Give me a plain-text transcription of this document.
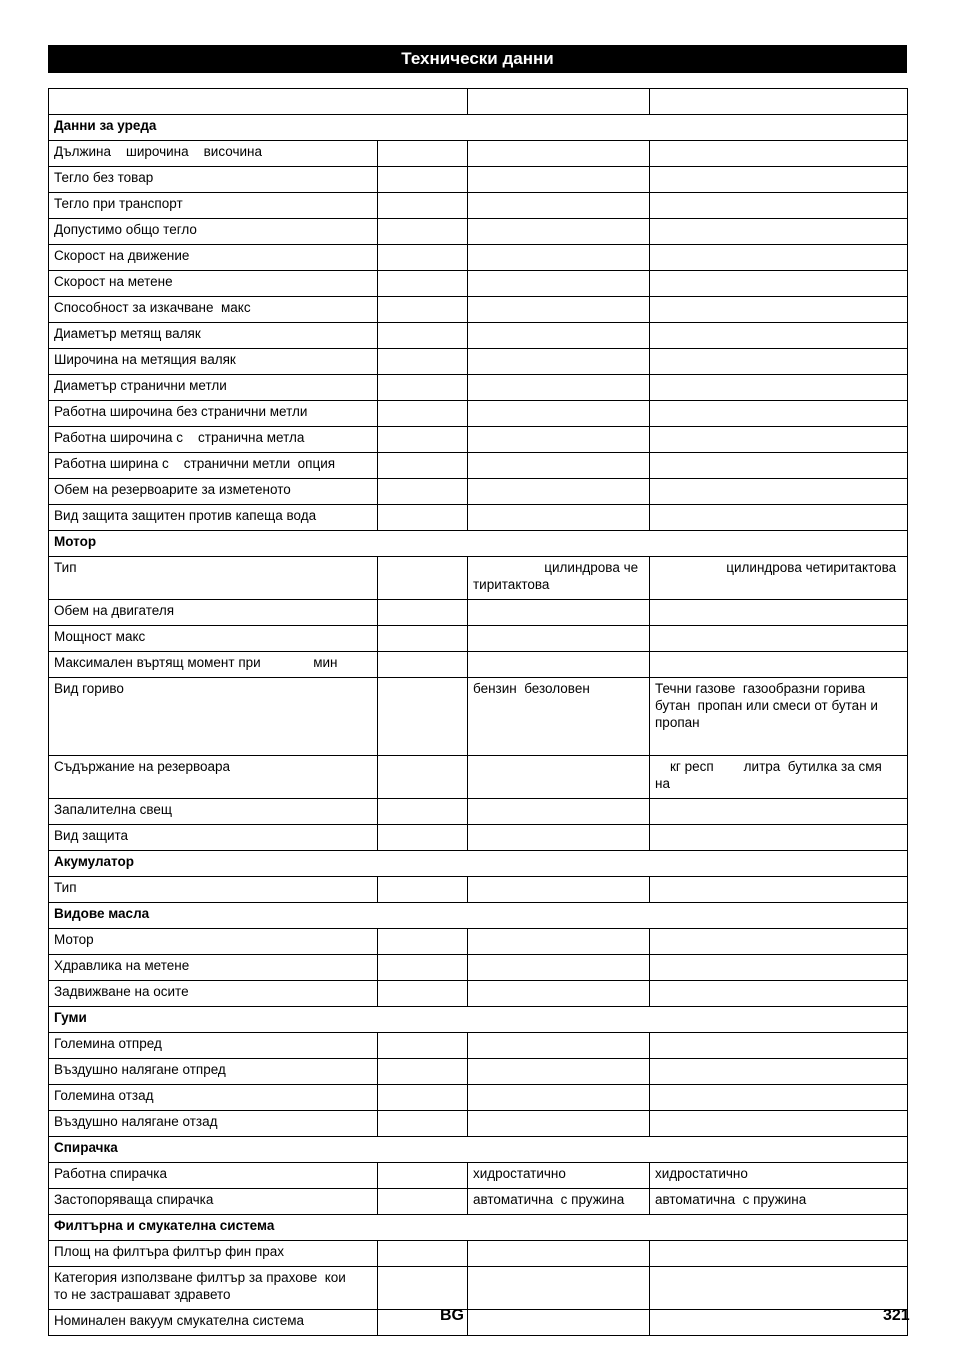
Технически данни

Данни за уреда			
Дължина    широчина    височина			
Тегло без товар			
Тегло при транспорт			
Допустимо общо тегло			
Скорост на движение			
Скорост на метене			
Способност за изкачване  макс			
Диаметър метящ валяк			
Широчина на метящия валяк			
Диаметър странични метли			
Работна широчина без странични метли			
Работна широчина с    странична метла			
Работна ширина с    странични метли  опция			
Обем на резервоарите за изметеното			
Вид защита защитен против капеща вода			
Мотор			
Тип		цилиндрова че
тиритактова	цилиндрова четиритактова
Обем на двигателя			
Мощност макс			
Максимален въртящ момент при              мин			
Вид гориво		бензин  безоловен	Течни газове  газообразни горива бутан  пропан или смеси от бутан и пропан
Съдържание на резервоара			кг респ        литра  бутилка за смя
на
Запалителна свещ			
Вид защита			
Акумулатор			
Тип			
Видове масла			
Мотор			
Хдравлика на метене			
Задвижване на осите			
Гуми			
Големина отпред			
Въздушно налягане отпред			
Големина отзад			
Въздушно налягане отзад			
Спирачка			
Работна спирачка		хидростатично	хидростатично
Застопоряваща спирачка		автоматична  с пружина	автоматична  с пружина
Филтърна и смукателна система			
Площ на филтъра филтър фин прах			
Категория използване филтър за прахове  кои
то не застрашават здравето			
Номинален вакуум смукателна система				BG	321
